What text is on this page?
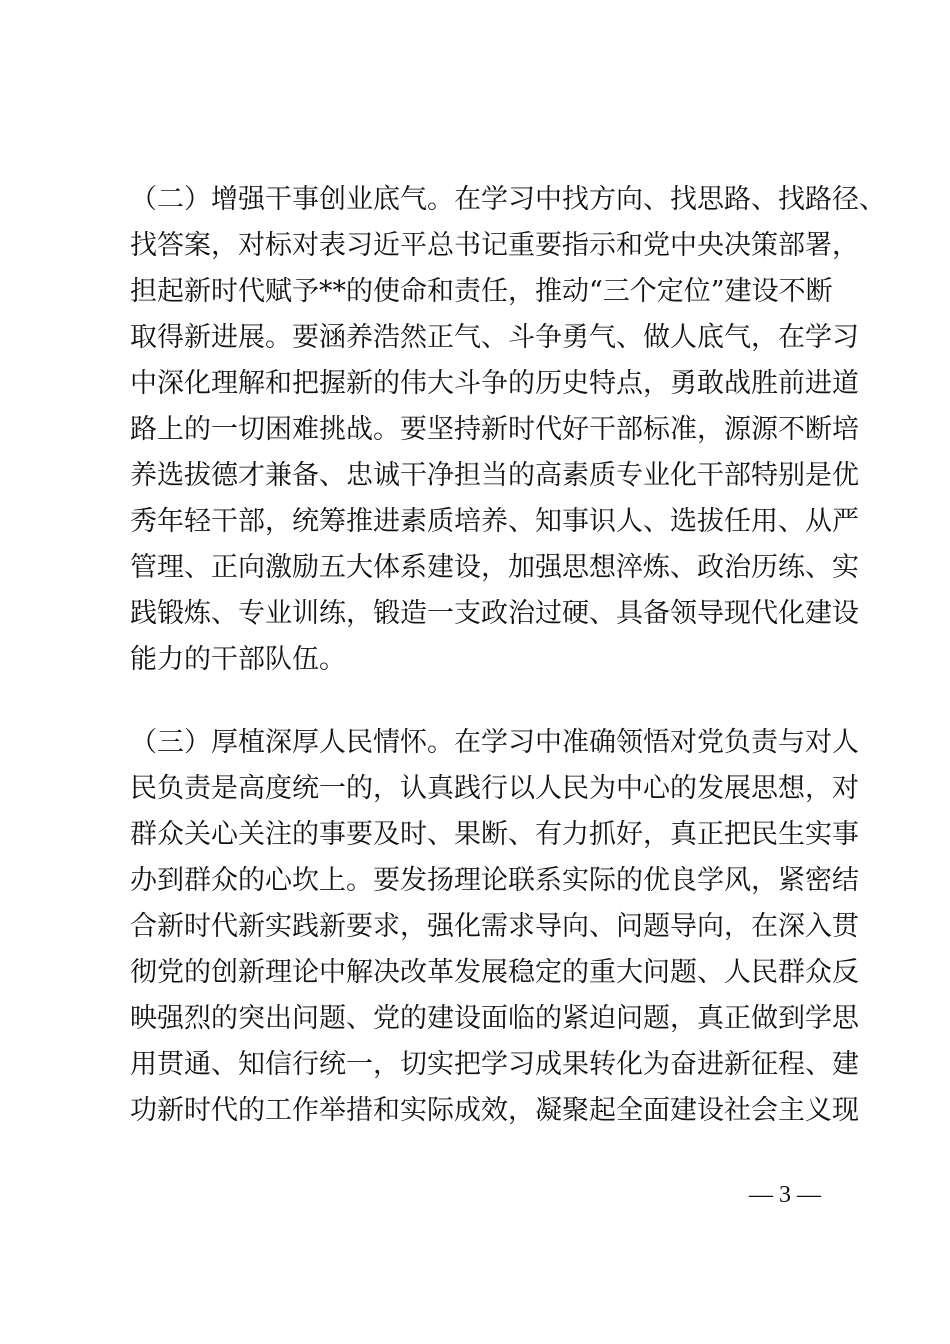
（二）增强干事创业底气。在学习中找方向、找思路、找路径、
找答案，对标对表习近平总书记重要指示和党中央决策部署，
担起新时代赋予**的使命和责任，推动“三个定位”建设不断
取得新进展。要涵养浩然正气、斗争勇气、做人底气，在学习
中深化理解和把握新的伟大斗争的历史特点，勇敢战胜前进道
路上的一切困难挑战。要坚持新时代好干部标准，源源不断培
养选拔德才兼备、忠诚干净担当的高素质专业化干部特别是优
秀年轻干部，统筹推进素质培养、知事识人、选拔任用、从严
管理、正向激励五大体系建设，加强思想淬炼、政治历练、实
践锻炼、专业训练，锻造一支政治过硬、具备领导现代化建设
能力的干部队伍。
（三）厚植深厚人民情怀。在学习中准确领悟对党负责与对人
民负责是高度统一的，认真践行以人民为中心的发展思想，对
群众关心关注的事要及时、果断、有力抓好，真正把民生实事
办到群众的心坎上。要发扬理论联系实际的优良学风，紧密结
合新时代新实践新要求，强化需求导向、问题导向，在深入贯
彻党的创新理论中解决改革发展稳定的重大问题、人民群众反
映强烈的突出问题、党的建设面临的紧迫问题，真正做到学思
用贯通、知信行统一，切实把学习成果转化为奋进新征程、建
功新时代的工作举措和实际成效，凝聚起全面建设社会主义现
— 3 —
